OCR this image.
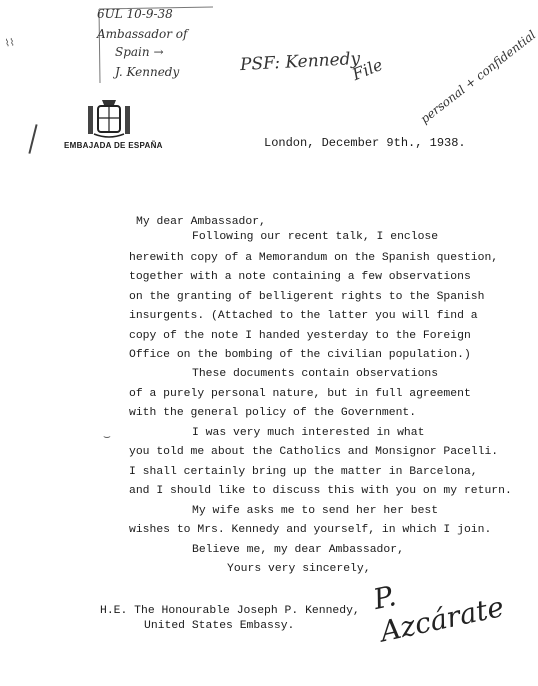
⌇⌇
6UL 10-9-38
Ambassador of
Spain →
J. Kennedy	PSF: Kennedy
File	personal + confidential
EMBAJADA DE ESPAÑA	London, December 9th., 1938.
My dear Ambassador,
Following our recent talk, I enclose
herewith copy of a Memorandum on the Spanish question,
together with a note containing a few observations
on the granting of belligerent rights to the Spanish
insurgents. (Attached to the latter you will find a
copy of the note I handed yesterday to the Foreign
Office on the bombing of the civilian population.)
These documents contain observations
of a purely personal nature, but in full agreement
with the general policy of the Government.
⌣	I was very much interested in what
you told me about the Catholics and Monsignor Pacelli.
I shall certainly bring up the matter in Barcelona,
and I should like to discuss this with you on my return.
My wife asks me to send her her best
wishes to Mrs. Kennedy and yourself, in which I join.
Believe me, my dear Ambassador,
Yours very sincerely,
P. Azcárate
H.E. The Honourable Joseph P. Kennedy,
United States Embassy.
